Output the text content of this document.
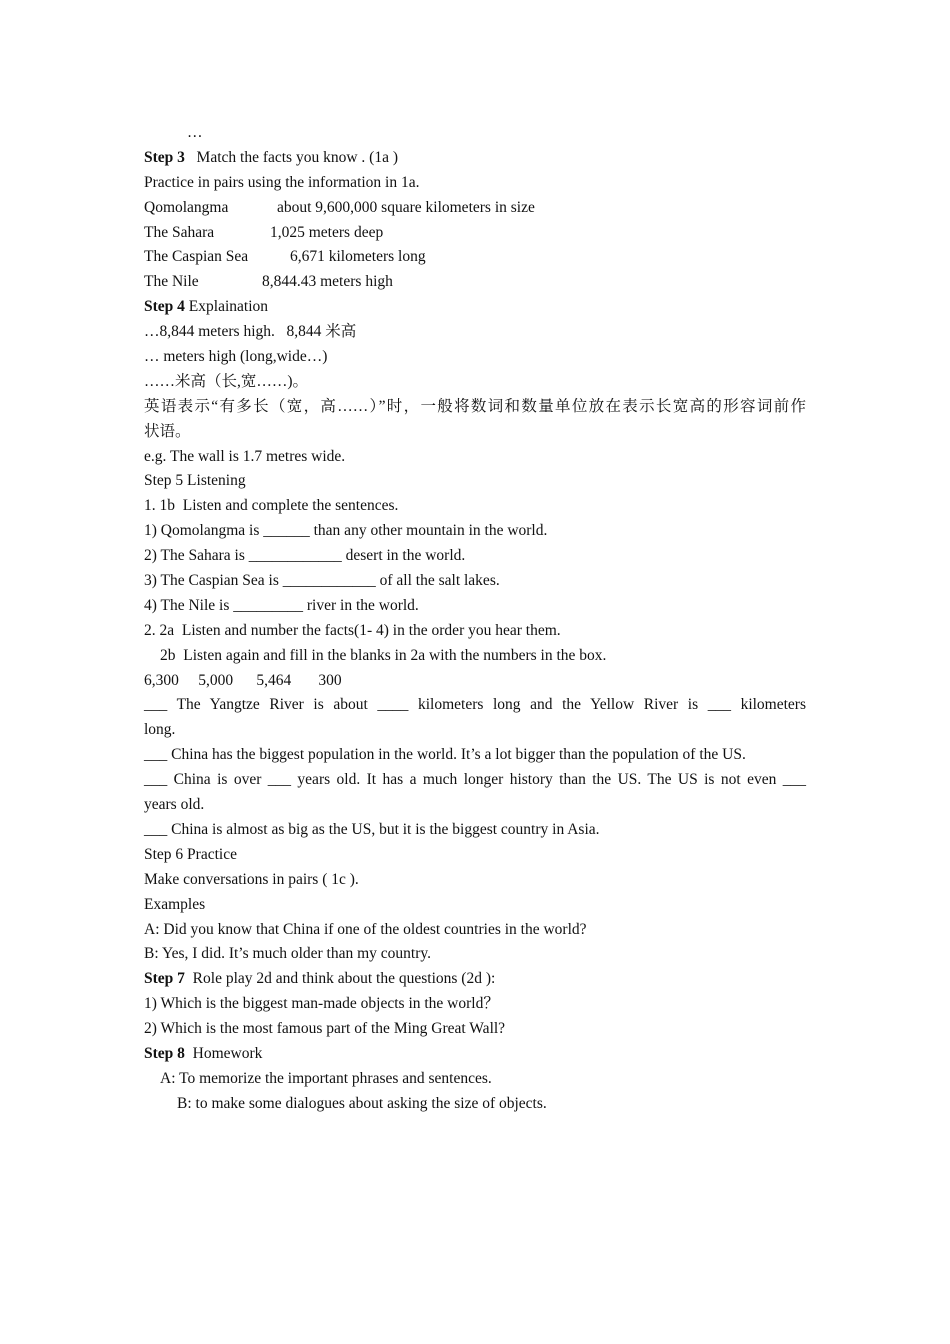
…
Step 3   Match the facts you know . (1a )
Practice in pairs using the information in 1a.
Qomolangma	about 9,600,000 square kilometers in size
The Sahara	1,025 meters deep
The Caspian Sea	6,671 kilometers long
The Nile	8,844.43 meters high
Step 4 Explaination
…8,844 meters high.   8,844 米高
… meters high (long,wide…)
……米高（长,宽……)。
英语表示“有多长（宽，高……）”时，一般将数词和数量单位放在表示长宽高的形容词前作
状语。
e.g. The wall is 1.7 metres wide.
Step 5 Listening
1. 1b  Listen and complete the sentences.
1) Qomolangma is ______ than any other mountain in the world.
2) The Sahara is ____________ desert in the world.
3) The Caspian Sea is ____________ of all the salt lakes.
4) The Nile is _________ river in the world.
2. 2a  Listen and number the facts(1- 4) in the order you hear them.
2b  Listen again and fill in the blanks in 2a with the numbers in the box.
6,300     5,000      5,464       300
___ The Yangtze River is about ____ kilometers long and the Yellow River is ___ kilometers
long.
___ China has the biggest population in the world. It’s a lot bigger than the population of the US.
___ China is over ___ years old. It has a much longer history than the US. The US is not even ___
years old.
___ China is almost as big as the US, but it is the biggest country in Asia.
Step 6 Practice
Make conversations in pairs ( 1c ).
Examples
A: Did you know that China if one of the oldest countries in the world?
B: Yes, I did. It’s much older than my country.
Step 7  Role play 2d and think about the questions (2d ):
1) Which is the biggest man-made objects in the world？
2) Which is the most famous part of the Ming Great Wall?
Step 8  Homework
A: To memorize the important phrases and sentences.
B: to make some dialogues about asking the size of objects.
